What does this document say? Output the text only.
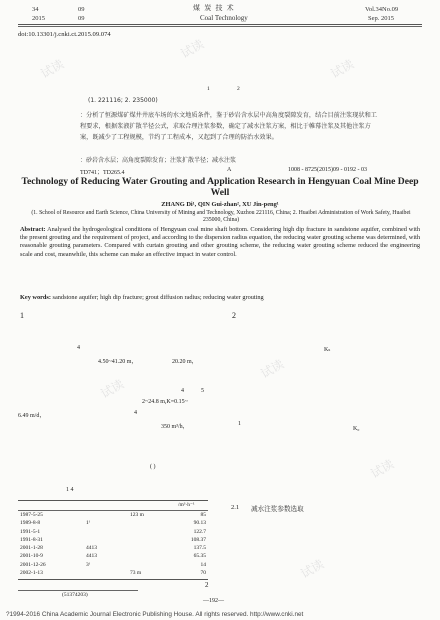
试读
试读
试读
试读
试读
试读
试读
34	09
2015	09
煤 炭 技 术
Coal Technology
Vol.34No.09
Sep. 2015
doi:10.13301/j.cnki.ct.2015.09.074
1	2
(1. 221116; 2. 235000)
：分析了恒源煤矿煤井井底车场的水文地质条件，鉴于砂岩含水层中高角度裂隙发育，结合目前注浆现状和工程要求，根据浆液扩散半径公式，求取合理注浆参数，确定了减水注浆方案，相比于帷幕注浆及其他注浆方案，既减少了工程规模，节约了工程成本，又起到了合理的防治水效果。
：砂岩含水层；高角度裂隙发育；注浆扩散半径；减水注浆
TD741；TD265.4	A	1008 - 8725(2015)09 - 0192 - 03
Technology of Reducing Water Grouting and Application Research in Hengyuan Coal Mine Deep Well
ZHANG Di¹, QIN Gui-zhan², XU Jin-peng¹
(1. School of Resource and Earth Science, China University of Mining and Technology, Xuzhou 221116, China; 2. Huaibei Administration of Work Safety, Huaibei 235000, China)
Abstract: Analysed the hydrogeological conditions of Hengyuan coal mine shaft bottom. Considering high dip fracture in sandstone aquifer, combined with the present grouting and the requirement of project, and according to the dispersion radius equation, the reducing water grouting scheme was determined, with reasonable grouting parameters. Compared with curtain grouting and other grouting scheme, the reducing water grouting scheme reduced the engineering scale and cost, meanwhile, this scheme can make an effective impact in water control.
Key words: sandstone aquifer; high dip fracture; grout diffusion radius; reducing water grouting
1
4
4.50~41.20 m，	20.20 m，
4	5
2~24.8 m,K=0.15~
6.49 m/d，	4
350 m³/h，	1
( )
2
Kₛ
K₀
1 4
/m³·h⁻¹
1987-5-25		123 m	85
1989-8-8	1ᶠ		90.13
1991-5-1			122.7
1991-8-31			108.37
2001-1-28	4413		137.5
2001-10-9	4413		65.35
2001-12-26	3ᶠ		14
2002-1-13		73 m	70
2.1 减水注浆参数选取
2
(51374203)
—192—
?1994-2016 China Academic Journal Electronic Publishing House. All rights reserved. http://www.cnki.net
